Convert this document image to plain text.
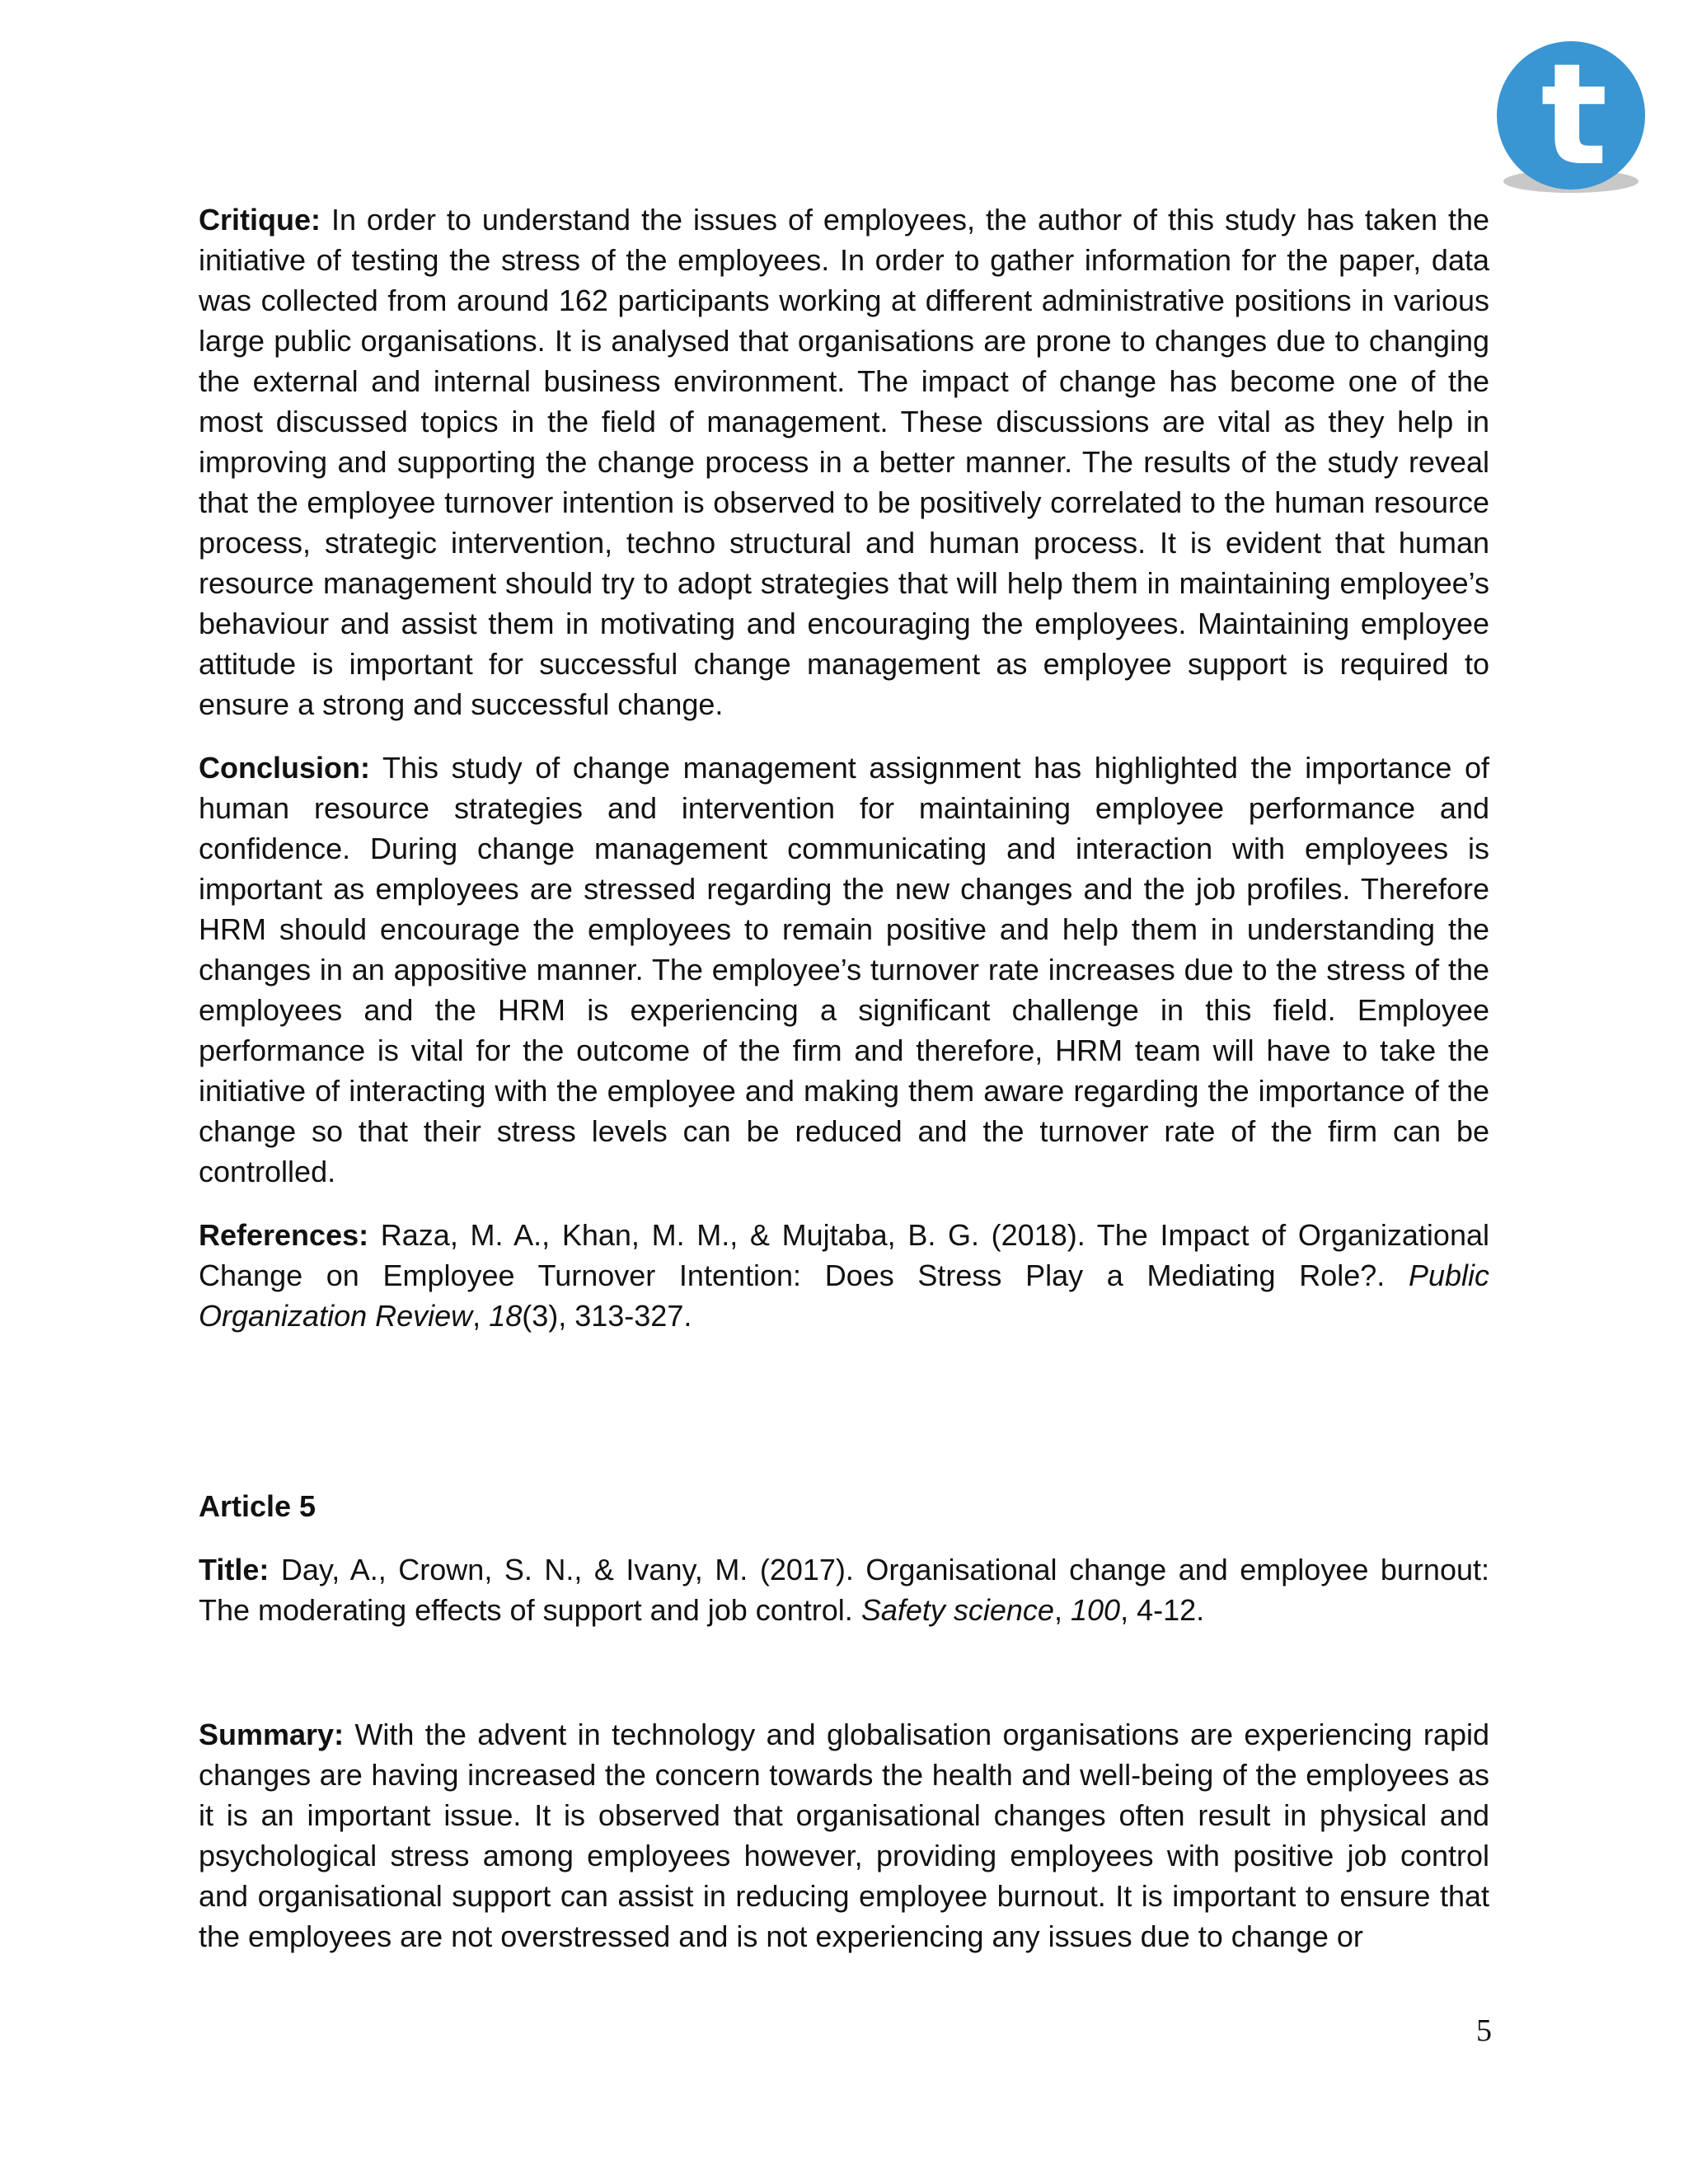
t

Critique: In order to understand the issues of employees, the author of this study has taken the initiative of testing the stress of the employees. In order to gather information for the paper, data was collected from around 162 participants working at different administrative positions in various large public organisations. It is analysed that organisations are prone to changes due to changing the external and internal business environment. The impact of change has become one of the most discussed topics in the field of management. These discussions are vital as they help in improving and supporting the change process in a better manner. The results of the study reveal that the employee turnover intention is observed to be positively correlated to the human resource process, strategic intervention, techno structural and human process. It is evident that human resource management should try to adopt strategies that will help them in maintaining employee’s behaviour and assist them in motivating and encouraging the employees. Maintaining employee attitude is important for successful change management as employee support is required to ensure a strong and successful change.

Conclusion: This study of change management assignment has highlighted the importance of human resource strategies and intervention for maintaining employee performance and confidence. During change management communicating and interaction with employees is important as employees are stressed regarding the new changes and the job profiles. Therefore HRM should encourage the employees to remain positive and help them in understanding the changes in an appositive manner. The employee’s turnover rate increases due to the stress of the employees and the HRM is experiencing a significant challenge in this field. Employee performance is vital for the outcome of the firm and therefore, HRM team will have to take the initiative of interacting with the employee and making them aware regarding the importance of the change so that their stress levels can be reduced and the turnover rate of the firm can be controlled.

References: Raza, M. A., Khan, M. M., & Mujtaba, B. G. (2018). The Impact of Organizational Change on Employee Turnover Intention: Does Stress Play a Mediating Role?. Public Organization Review, 18(3), 313-327.

Article 5

Title: Day, A., Crown, S. N., & Ivany, M. (2017). Organisational change and employee burnout: The moderating effects of support and job control. Safety science, 100, 4-12.

Summary: With the advent in technology and globalisation organisations are experiencing rapid changes are having increased the concern towards the health and well-being of the employees as it is an important issue. It is observed that organisational changes often result in physical and psychological stress among employees however, providing employees with positive job control and organisational support can assist in reducing employee burnout. It is important to ensure that the employees are not overstressed and is not experiencing any issues due to change or

5
